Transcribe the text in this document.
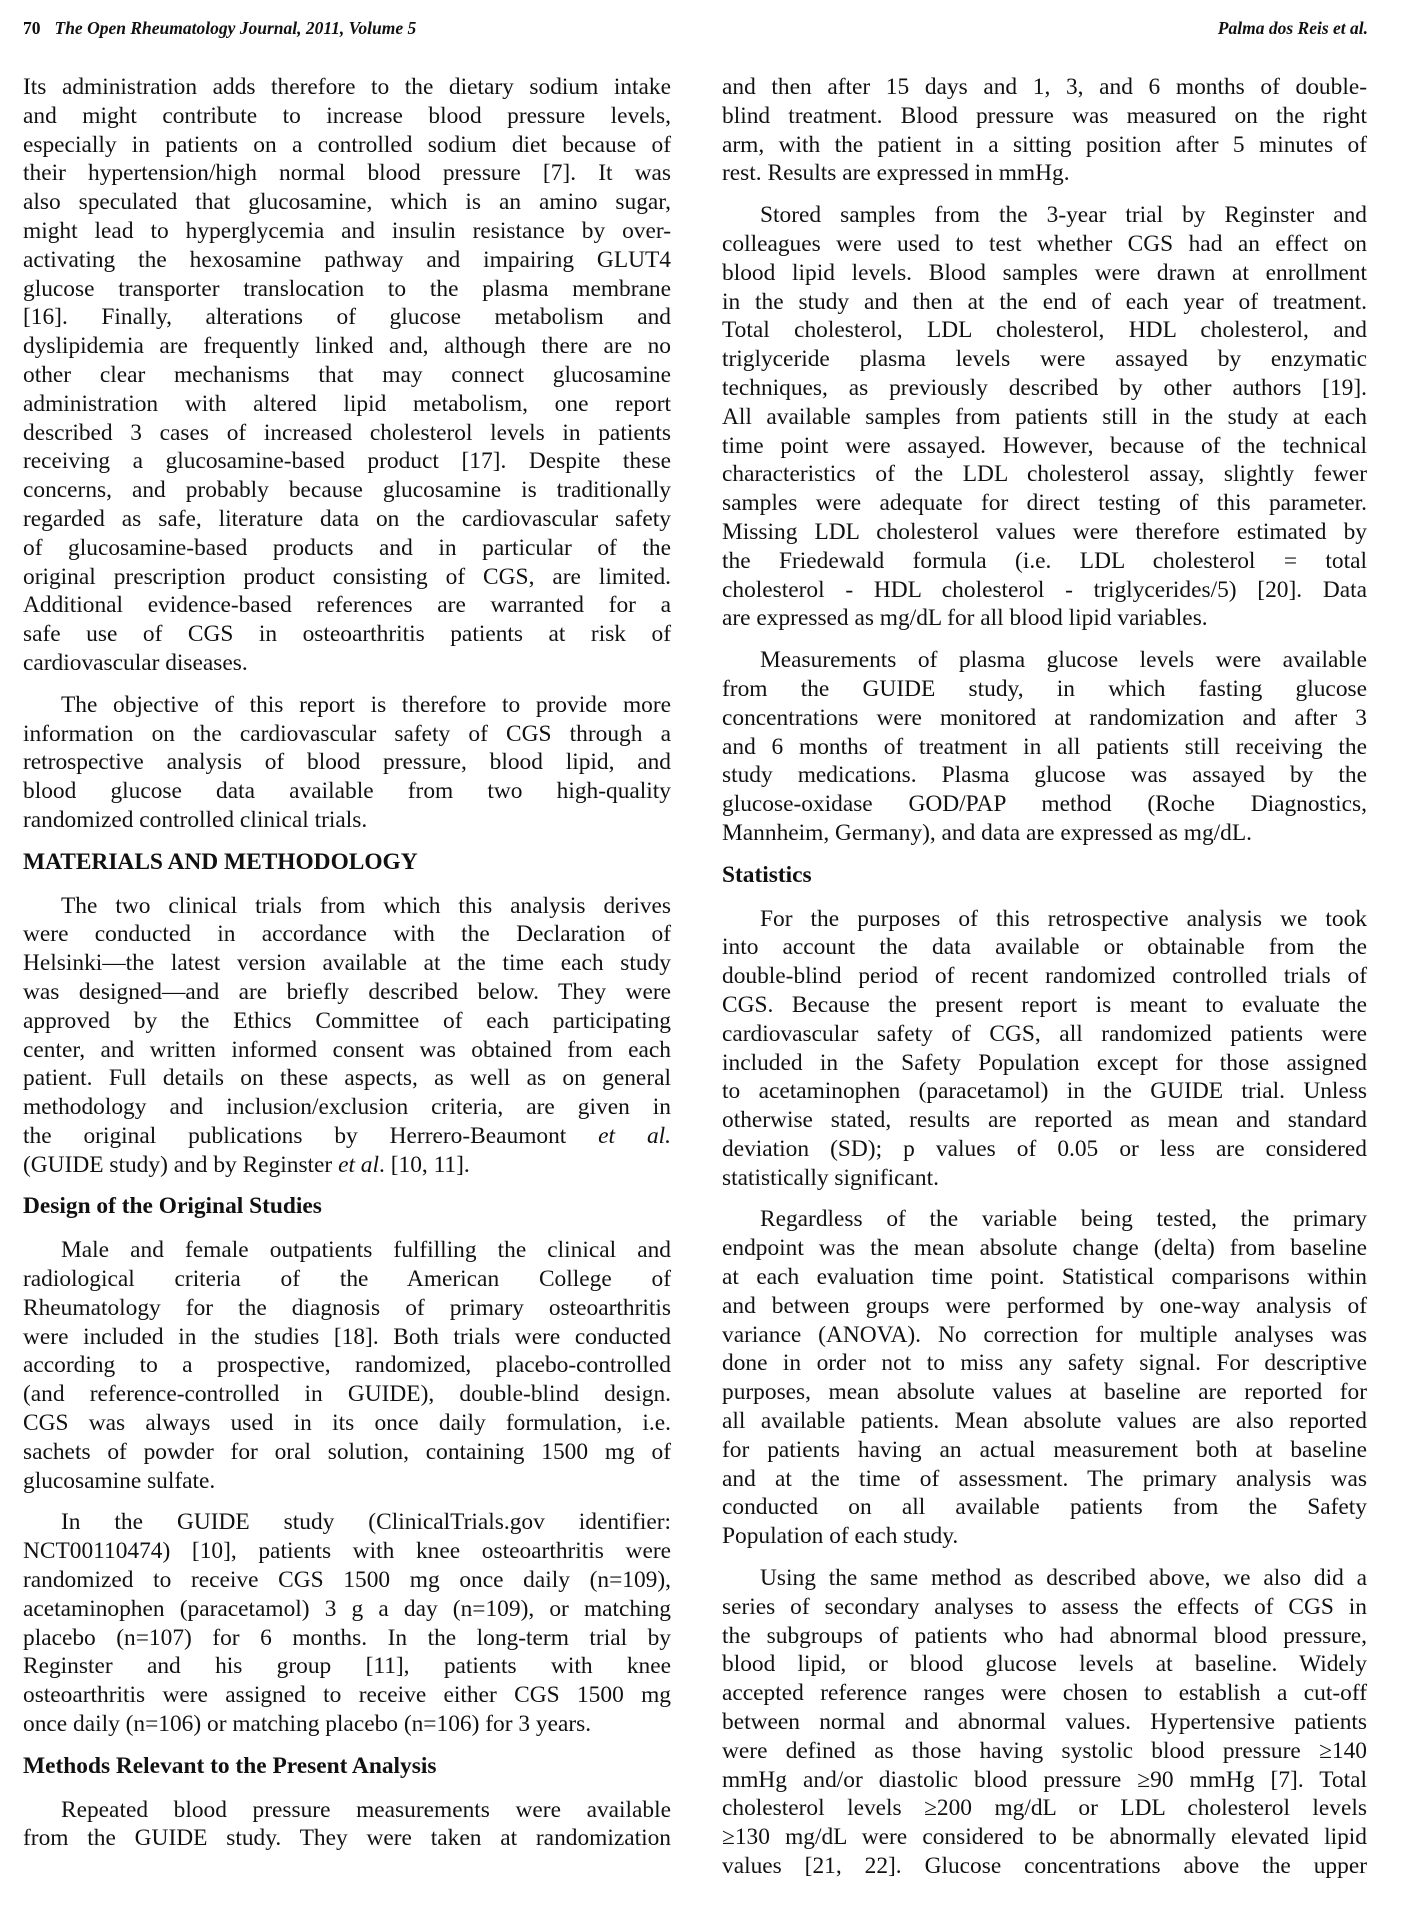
70 The Open Rheumatology Journal, 2011, Volume 5	Palma dos Reis et al.
Its administration adds therefore to the dietary sodium intake
and might contribute to increase blood pressure levels,
especially in patients on a controlled sodium diet because of
their hypertension/high normal blood pressure [7]. It was
also speculated that glucosamine, which is an amino sugar,
might lead to hyperglycemia and insulin resistance by over-
activating the hexosamine pathway and impairing GLUT4
glucose transporter translocation to the plasma membrane
[16]. Finally, alterations of glucose metabolism and
dyslipidemia are frequently linked and, although there are no
other clear mechanisms that may connect glucosamine
administration with altered lipid metabolism, one report
described 3 cases of increased cholesterol levels in patients
receiving a glucosamine-based product [17]. Despite these
concerns, and probably because glucosamine is traditionally
regarded as safe, literature data on the cardiovascular safety
of glucosamine-based products and in particular of the
original prescription product consisting of CGS, are limited.
Additional evidence-based references are warranted for a
safe use of CGS in osteoarthritis patients at risk of
cardiovascular diseases.
The objective of this report is therefore to provide more
information on the cardiovascular safety of CGS through a
retrospective analysis of blood pressure, blood lipid, and
blood glucose data available from two high-quality
randomized controlled clinical trials.
MATERIALS AND METHODOLOGY
The two clinical trials from which this analysis derives
were conducted in accordance with the Declaration of
Helsinki—the latest version available at the time each study
was designed—and are briefly described below. They were
approved by the Ethics Committee of each participating
center, and written informed consent was obtained from each
patient. Full details on these aspects, as well as on general
methodology and inclusion/exclusion criteria, are given in
the original publications by Herrero-Beaumont et al.
(GUIDE study) and by Reginster et al. [10, 11].
Design of the Original Studies
Male and female outpatients fulfilling the clinical and
radiological criteria of the American College of
Rheumatology for the diagnosis of primary osteoarthritis
were included in the studies [18]. Both trials were conducted
according to a prospective, randomized, placebo-controlled
(and reference-controlled in GUIDE), double-blind design.
CGS was always used in its once daily formulation, i.e.
sachets of powder for oral solution, containing 1500 mg of
glucosamine sulfate.
In the GUIDE study (ClinicalTrials.gov identifier:
NCT00110474) [10], patients with knee osteoarthritis were
randomized to receive CGS 1500 mg once daily (n=109),
acetaminophen (paracetamol) 3 g a day (n=109), or matching
placebo (n=107) for 6 months. In the long-term trial by
Reginster and his group [11], patients with knee
osteoarthritis were assigned to receive either CGS 1500 mg
once daily (n=106) or matching placebo (n=106) for 3 years.
Methods Relevant to the Present Analysis
Repeated blood pressure measurements were available
from the GUIDE study. They were taken at randomization
and then after 15 days and 1, 3, and 6 months of double-
blind treatment. Blood pressure was measured on the right
arm, with the patient in a sitting position after 5 minutes of
rest. Results are expressed in mmHg.
Stored samples from the 3-year trial by Reginster and
colleagues were used to test whether CGS had an effect on
blood lipid levels. Blood samples were drawn at enrollment
in the study and then at the end of each year of treatment.
Total cholesterol, LDL cholesterol, HDL cholesterol, and
triglyceride plasma levels were assayed by enzymatic
techniques, as previously described by other authors [19].
All available samples from patients still in the study at each
time point were assayed. However, because of the technical
characteristics of the LDL cholesterol assay, slightly fewer
samples were adequate for direct testing of this parameter.
Missing LDL cholesterol values were therefore estimated by
the Friedewald formula (i.e. LDL cholesterol = total
cholesterol - HDL cholesterol - triglycerides/5) [20]. Data
are expressed as mg/dL for all blood lipid variables.
Measurements of plasma glucose levels were available
from the GUIDE study, in which fasting glucose
concentrations were monitored at randomization and after 3
and 6 months of treatment in all patients still receiving the
study medications. Plasma glucose was assayed by the
glucose-oxidase GOD/PAP method (Roche Diagnostics,
Mannheim, Germany), and data are expressed as mg/dL.
Statistics
For the purposes of this retrospective analysis we took
into account the data available or obtainable from the
double-blind period of recent randomized controlled trials of
CGS. Because the present report is meant to evaluate the
cardiovascular safety of CGS, all randomized patients were
included in the Safety Population except for those assigned
to acetaminophen (paracetamol) in the GUIDE trial. Unless
otherwise stated, results are reported as mean and standard
deviation (SD); p values of 0.05 or less are considered
statistically significant.
Regardless of the variable being tested, the primary
endpoint was the mean absolute change (delta) from baseline
at each evaluation time point. Statistical comparisons within
and between groups were performed by one-way analysis of
variance (ANOVA). No correction for multiple analyses was
done in order not to miss any safety signal. For descriptive
purposes, mean absolute values at baseline are reported for
all available patients. Mean absolute values are also reported
for patients having an actual measurement both at baseline
and at the time of assessment. The primary analysis was
conducted on all available patients from the Safety
Population of each study.
Using the same method as described above, we also did a
series of secondary analyses to assess the effects of CGS in
the subgroups of patients who had abnormal blood pressure,
blood lipid, or blood glucose levels at baseline. Widely
accepted reference ranges were chosen to establish a cut-off
between normal and abnormal values. Hypertensive patients
were defined as those having systolic blood pressure ≥140
mmHg and/or diastolic blood pressure ≥90 mmHg [7]. Total
cholesterol levels ≥200 mg/dL or LDL cholesterol levels
≥130 mg/dL were considered to be abnormally elevated lipid
values [21, 22]. Glucose concentrations above the upper
